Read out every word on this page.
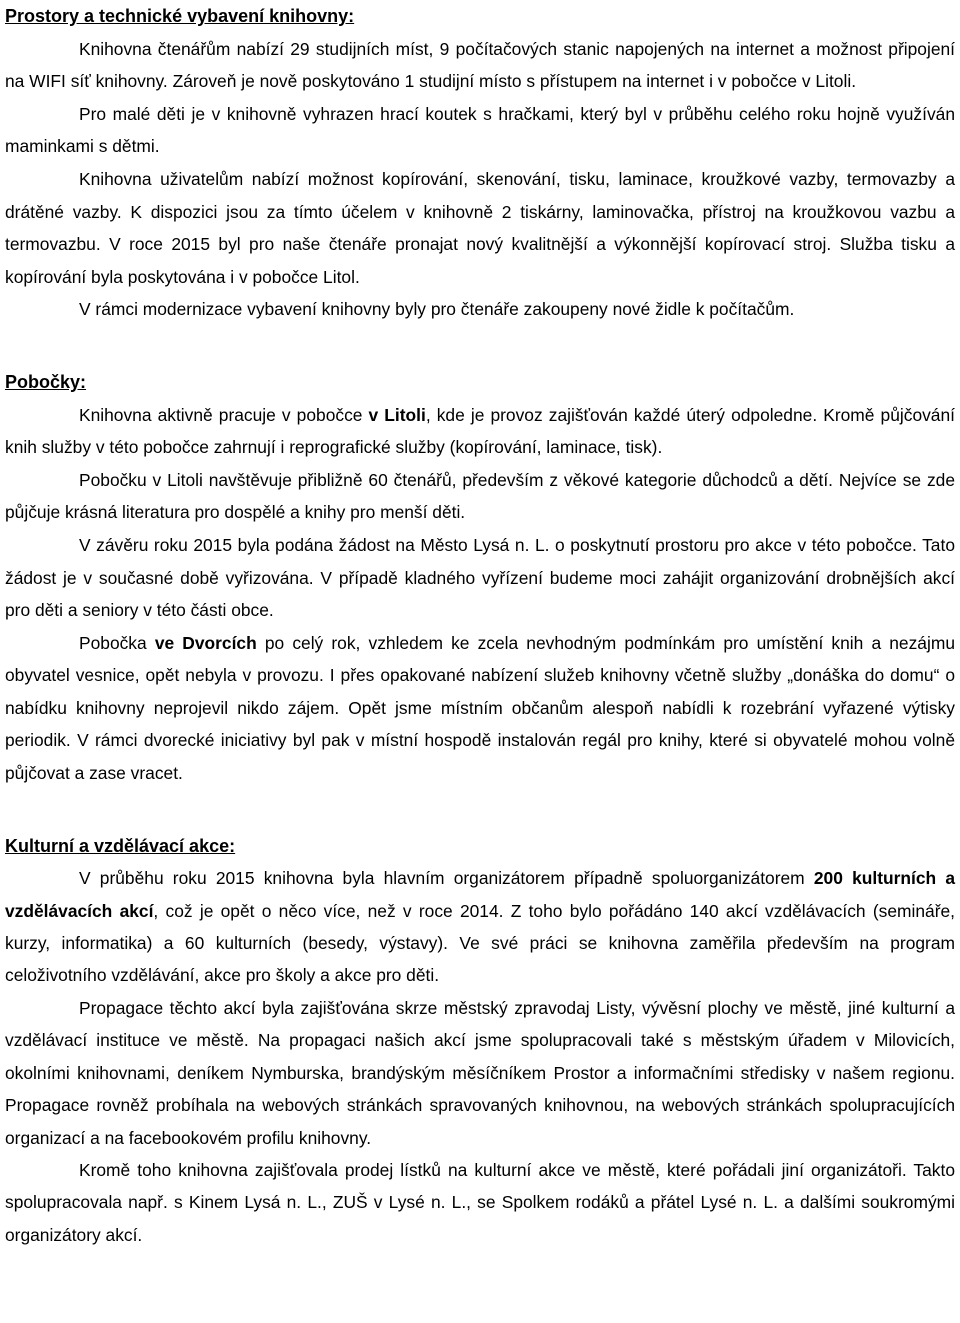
Prostory a technické vybavení knihovny:

Knihovna čtenářům nabízí 29 studijních míst, 9 počítačových stanic napojených na internet a možnost připojení na WIFI síť knihovny. Zároveň je nově poskytováno 1 studijní místo s přístupem na internet i v pobočce v Litoli.

Pro malé děti je v knihovně vyhrazen hrací koutek s hračkami, který byl v průběhu celého roku hojně využíván maminkami s dětmi.

Knihovna uživatelům nabízí možnost kopírování, skenování, tisku, laminace, kroužkové vazby, termovazby a drátěné vazby. K dispozici jsou za tímto účelem v knihovně 2 tiskárny, laminovačka, přístroj na kroužkovou vazbu a termovazbu. V roce 2015 byl pro naše čtenáře pronajat nový kvalitnější a výkonnější kopírovací stroj. Služba tisku a kopírování byla poskytována i v pobočce Litol.

V rámci modernizace vybavení knihovny byly pro čtenáře zakoupeny nové židle k počítačům.

Pobočky:

Knihovna aktivně pracuje v pobočce v Litoli, kde je provoz zajišťován každé úterý odpoledne. Kromě půjčování knih služby v této pobočce zahrnují i reprografické služby (kopírování, laminace, tisk).

Pobočku v Litoli navštěvuje přibližně 60 čtenářů, především z věkové kategorie důchodců a dětí. Nejvíce se zde půjčuje krásná literatura pro dospělé a knihy pro menší děti.

V závěru roku 2015 byla podána žádost na Město Lysá n. L. o poskytnutí prostoru pro akce v této pobočce. Tato žádost je v současné době vyřizována. V případě kladného vyřízení budeme moci zahájit organizování drobnějších akcí pro děti a seniory v této části obce.

Pobočka ve Dvorcích po celý rok, vzhledem ke zcela nevhodným podmínkám pro umístění knih a nezájmu obyvatel vesnice, opět nebyla v provozu. I přes opakované nabízení služeb knihovny včetně služby „donáška do domu“ o nabídku knihovny neprojevil nikdo zájem. Opět jsme místním občanům alespoň nabídli k rozebrání vyřazené výtisky periodik. V rámci dvorecké iniciativy byl pak v místní hospodě instalován regál pro knihy, které si obyvatelé mohou volně půjčovat a zase vracet.

Kulturní a vzdělávací akce:

V průběhu roku 2015 knihovna byla hlavním organizátorem případně spoluorganizátorem 200 kulturních a vzdělávacích akcí, což je opět o něco více, než v roce 2014. Z toho bylo pořádáno 140 akcí vzdělávacích (semináře, kurzy, informatika) a 60 kulturních (besedy, výstavy). Ve své práci se knihovna zaměřila především na program celoživotního vzdělávání, akce pro školy a akce pro děti.

Propagace těchto akcí byla zajišťována skrze městský zpravodaj Listy, vývěsní plochy ve městě, jiné kulturní a vzdělávací instituce ve městě. Na propagaci našich akcí jsme spolupracovali také s městským úřadem v Milovicích, okolními knihovnami, deníkem Nymburska, brandýským měsíčníkem Prostor a informačními středisky v našem regionu. Propagace rovněž probíhala na webových stránkách spravovaných knihovnou, na webových stránkách spolupracujících organizací a na facebookovém profilu knihovny.

Kromě toho knihovna zajišťovala prodej lístků na kulturní akce ve městě, které pořádali jiní organizátoři. Takto spolupracovala např. s Kinem Lysá n. L., ZUŠ v Lysé n. L., se Spolkem rodáků a přátel Lysé n. L. a dalšími soukromými organizátory akcí.
